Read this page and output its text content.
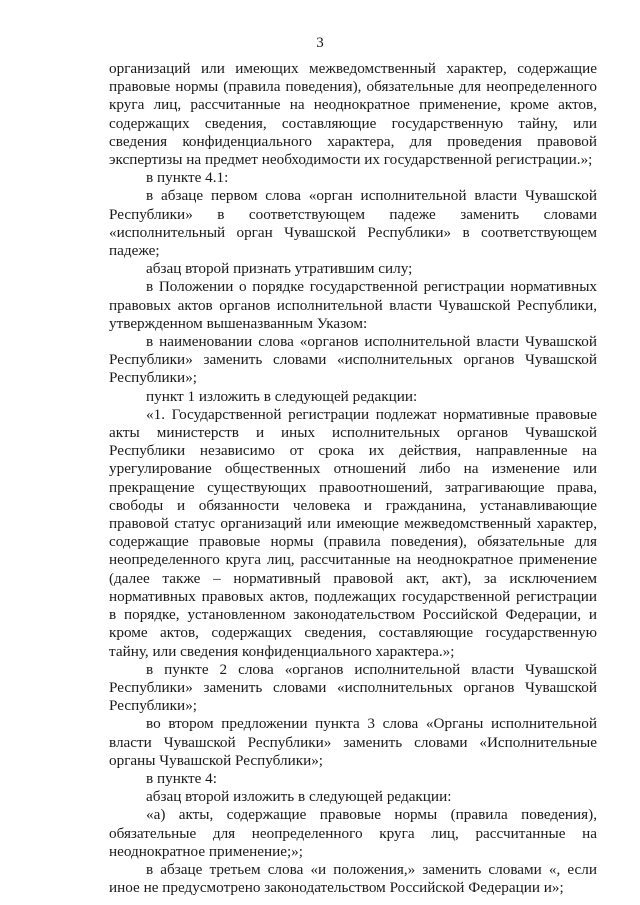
3

организаций или имеющих межведомственный характер, содержащие правовые нормы (правила поведения), обязательные для неопределенного круга лиц, рассчитанные на неоднократное применение, кроме актов, содержащих сведения, составляющие государственную тайну, или сведения конфиденциального характера, для проведения правовой экспертизы на предмет необходимости их государственной регистрации.»;

в пункте 4.1:

в абзаце первом слова «орган исполнительной власти Чувашской Республики» в соответствующем падеже заменить словами «исполнительный орган Чувашской Республики» в соответствующем падеже;

абзац второй признать утратившим силу;

в Положении о порядке государственной регистрации нормативных правовых актов органов исполнительной власти Чувашской Республики, утвержденном вышеназванным Указом:

в наименовании слова «органов исполнительной власти Чувашской Республики» заменить словами «исполнительных органов Чувашской Республики»;

пункт 1 изложить в следующей редакции:

«1. Государственной регистрации подлежат нормативные правовые акты министерств и иных исполнительных органов Чувашской Республики независимо от срока их действия, направленные на урегулирование общественных отношений либо на изменение или прекращение существующих правоотношений, затрагивающие права, свободы и обязанности человека и гражданина, устанавливающие правовой статус организаций или имеющие межведомственный характер, содержащие правовые нормы (правила поведения), обязательные для неопределенного круга лиц, рассчитанные на неоднократное применение (далее также – нормативный правовой акт, акт), за исключением нормативных правовых актов, подлежащих государственной регистрации в порядке, установленном законодательством Российской Федерации, и кроме актов, содержащих сведения, составляющие государственную тайну, или сведения конфиденциального характера.»;

в пункте 2 слова «органов исполнительной власти Чувашской Республики» заменить словами «исполнительных органов Чувашской Республики»;

во втором предложении пункта 3 слова «Органы исполнительной власти Чувашской Республики» заменить словами «Исполнительные органы Чувашской Республики»;

в пункте 4:

абзац второй изложить в следующей редакции:

«а) акты, содержащие правовые нормы (правила поведения), обязательные для неопределенного круга лиц, рассчитанные на неоднократное применение;»;

в абзаце третьем слова «и положения,» заменить словами «, если иное не предусмотрено законодательством Российской Федерации и»;
